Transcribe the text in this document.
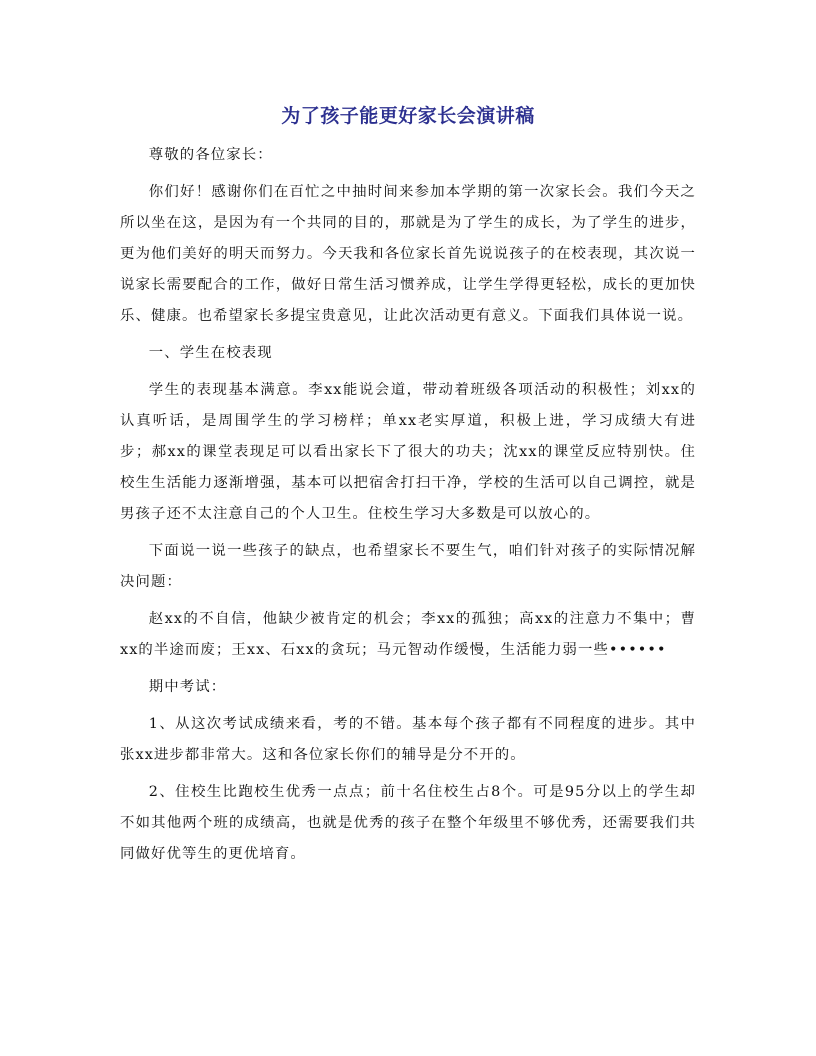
为了孩子能更好家长会演讲稿

尊敬的各位家长：

你们好！感谢你们在百忙之中抽时间来参加本学期的第一次家长会。我们今天之所以坐在这，是因为有一个共同的目的，那就是为了学生的成长，为了学生的进步，更为他们美好的明天而努力。今天我和各位家长首先说说孩子的在校表现，其次说一说家长需要配合的工作，做好日常生活习惯养成，让学生学得更轻松，成长的更加快乐、健康。也希望家长多提宝贵意见，让此次活动更有意义。下面我们具体说一说。

一、学生在校表现

学生的表现基本满意。李xx能说会道，带动着班级各项活动的积极性；刘xx的认真听话，是周围学生的学习榜样；单xx老实厚道，积极上进，学习成绩大有进步；郝xx的课堂表现足可以看出家长下了很大的功夫；沈xx的课堂反应特别快。住校生生活能力逐渐增强，基本可以把宿舍打扫干净，学校的生活可以自己调控，就是男孩子还不太注意自己的个人卫生。住校生学习大多数是可以放心的。

下面说一说一些孩子的缺点，也希望家长不要生气，咱们针对孩子的实际情况解决问题：

赵xx的不自信，他缺少被肯定的机会；李xx的孤独；高xx的注意力不集中；曹xx的半途而废；王xx、石xx的贪玩；马元智动作缓慢，生活能力弱一些••••••

期中考试：

1、从这次考试成绩来看，考的不错。基本每个孩子都有不同程度的进步。其中张xx进步都非常大。这和各位家长你们的辅导是分不开的。

2、住校生比跑校生优秀一点点；前十名住校生占8个。可是95分以上的学生却不如其他两个班的成绩高，也就是优秀的孩子在整个年级里不够优秀，还需要我们共同做好优等生的更优培育。
